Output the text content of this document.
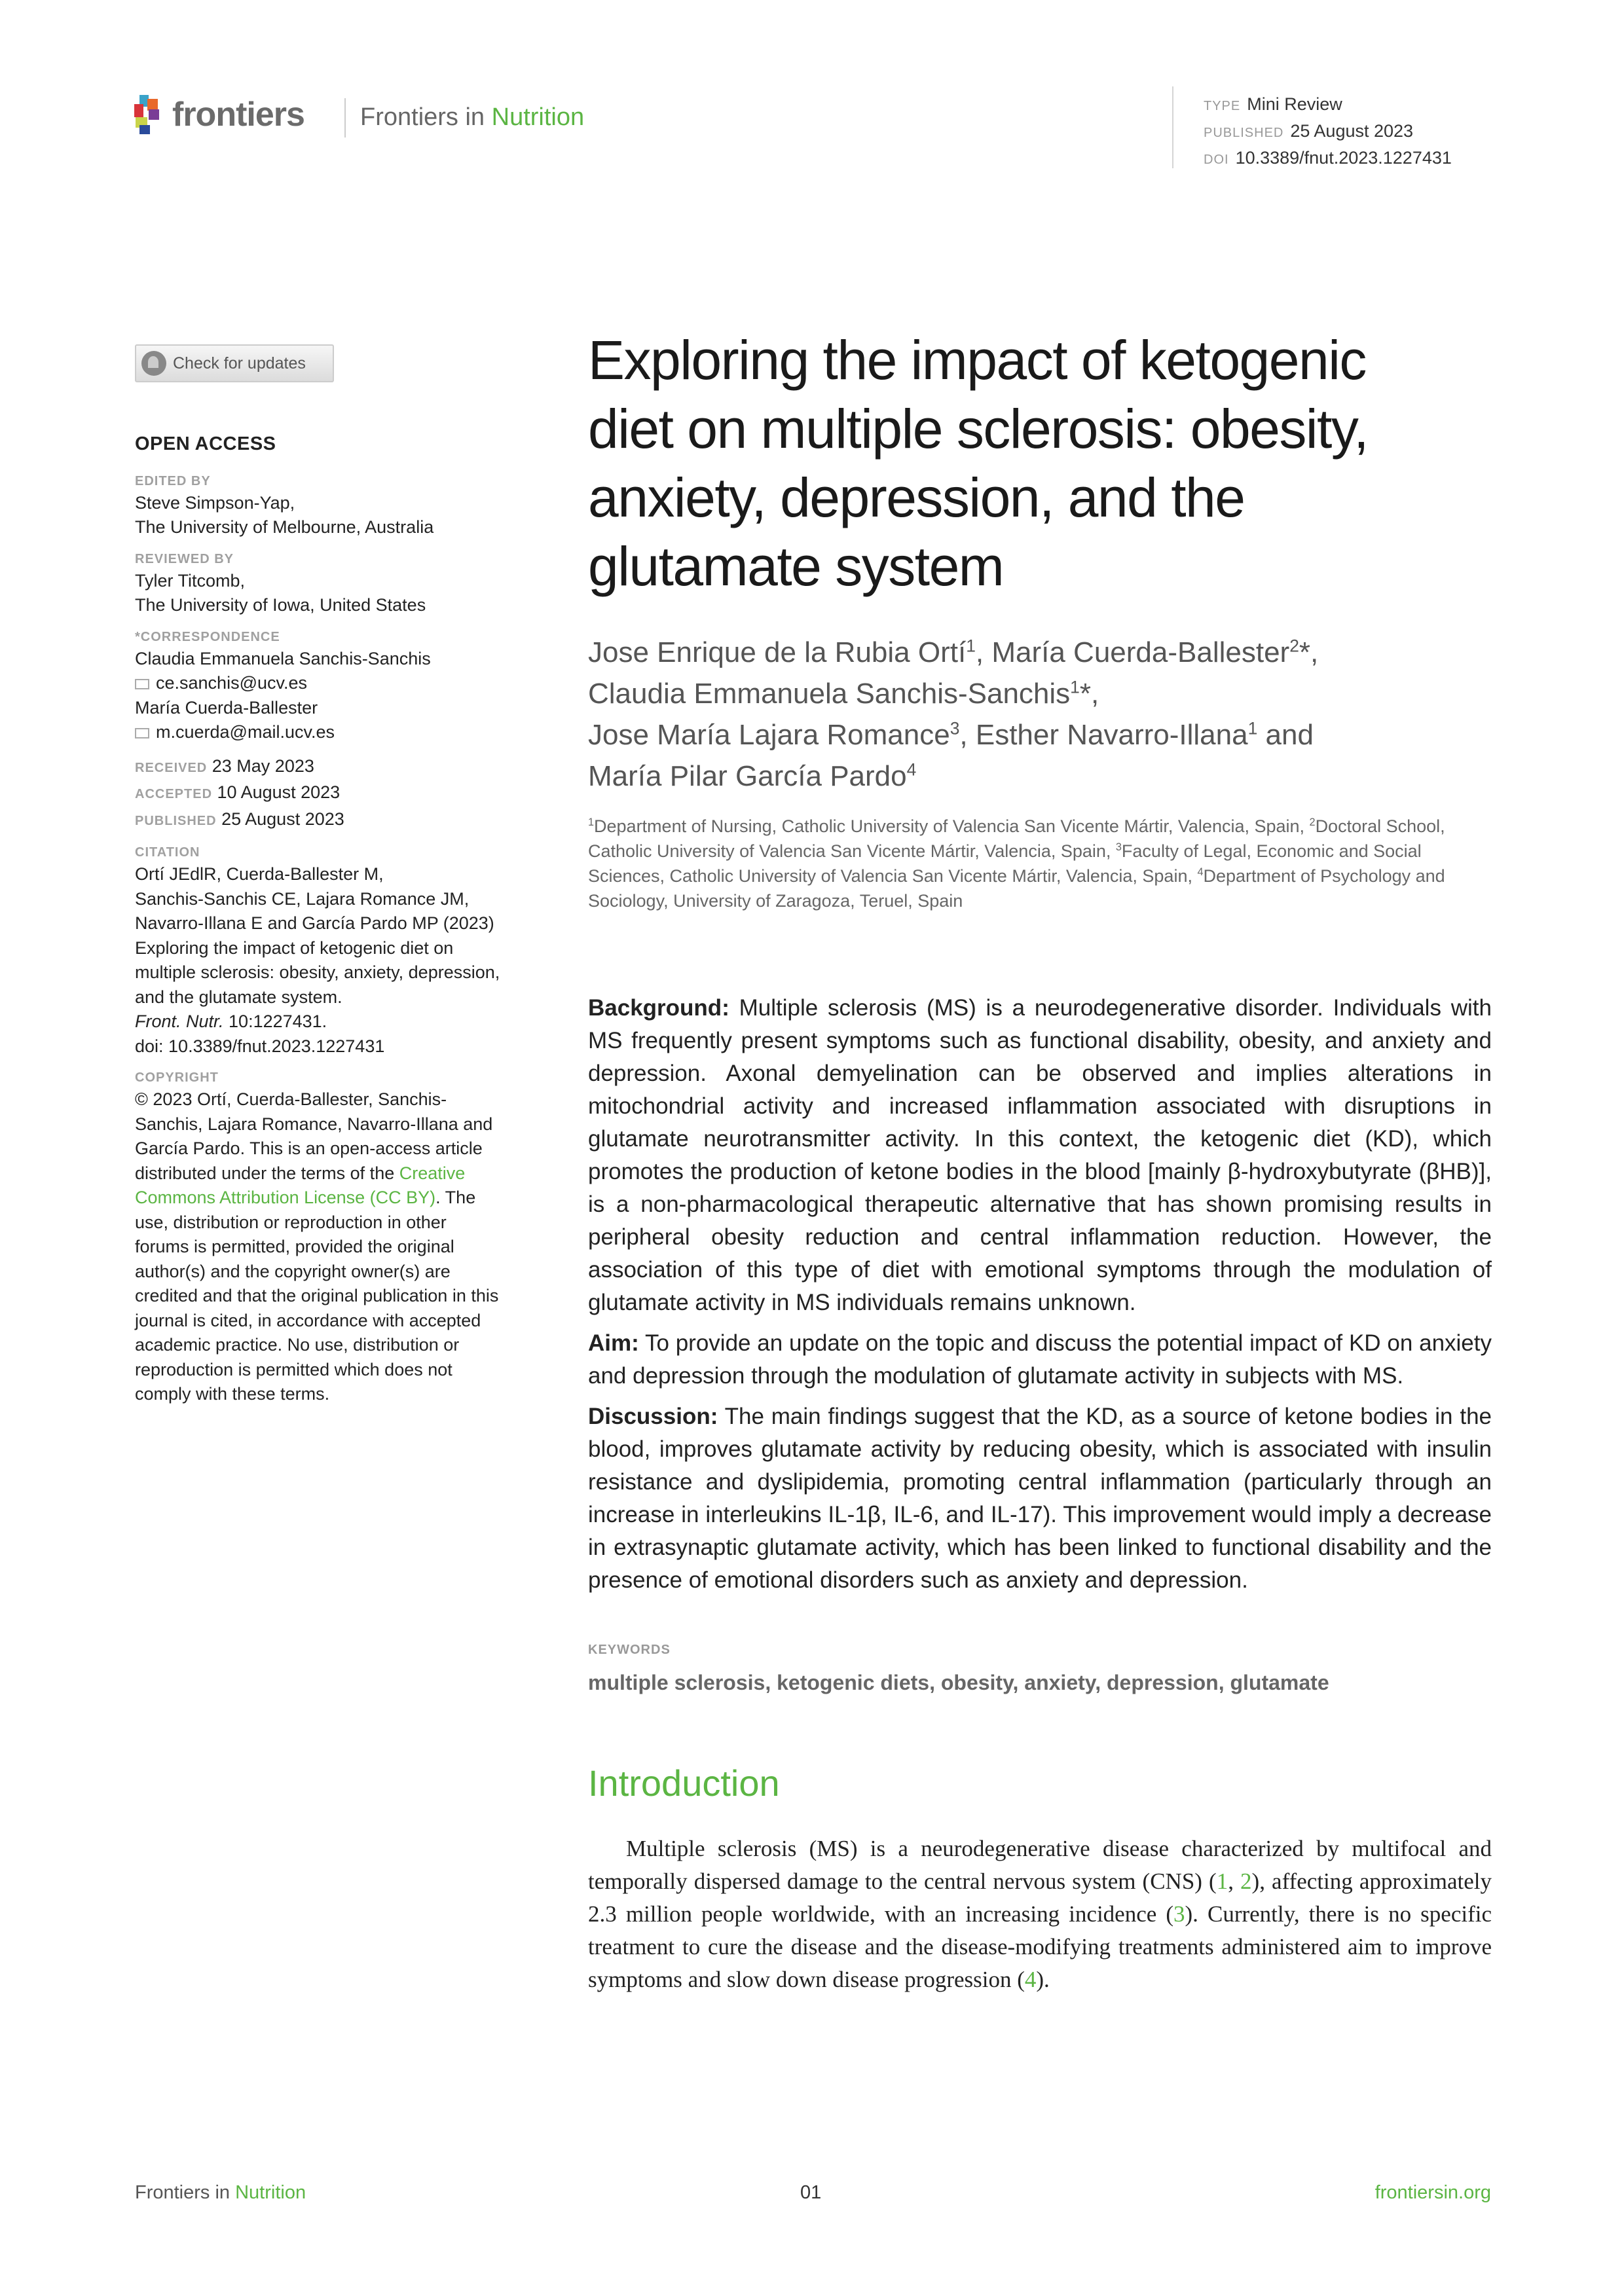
frontiers Frontiers in Nutrition	TYPE Mini Review
PUBLISHED 25 August 2023
DOI 10.3389/fnut.2023.1227431
Check for updates
OPEN ACCESS
EDITED BY
Steve Simpson-Yap,
The University of Melbourne, Australia
REVIEWED BY
Tyler Titcomb,
The University of Iowa, United States
*CORRESPONDENCE
Claudia Emmanuela Sanchis-Sanchis
ce.sanchis@ucv.es
María Cuerda-Ballester
m.cuerda@mail.ucv.es
RECEIVED 23 May 2023
ACCEPTED 10 August 2023
PUBLISHED 25 August 2023
CITATION
Ortí JEdlR, Cuerda-Ballester M,
Sanchis-Sanchis CE, Lajara Romance JM,
Navarro-Illana E and García Pardo MP (2023)
Exploring the impact of ketogenic diet on
multiple sclerosis: obesity, anxiety, depression,
and the glutamate system.
Front. Nutr. 10:1227431.
doi: 10.3389/fnut.2023.1227431
COPYRIGHT
© 2023 Ortí, Cuerda-Ballester, Sanchis-
Sanchis, Lajara Romance, Navarro-Illana and
García Pardo. This is an open-access article
distributed under the terms of the Creative
Commons Attribution License (CC BY). The
use, distribution or reproduction in other
forums is permitted, provided the original
author(s) and the copyright owner(s) are
credited and that the original publication in this
journal is cited, in accordance with accepted
academic practice. No use, distribution or
reproduction is permitted which does not
comply with these terms.
Exploring the impact of ketogenic
diet on multiple sclerosis: obesity,
anxiety, depression, and the
glutamate system
Jose Enrique de la Rubia Ortí$^1$, María Cuerda-Ballester$^2$*,
Claudia Emmanuela Sanchis-Sanchis$^1$*,
Jose María Lajara Romance$^3$, Esther Navarro-Illana$^1$ and
María Pilar García Pardo$^4$
$^1$Department of Nursing, Catholic University of Valencia San Vicente Mártir, Valencia, Spain, $^2$Doctoral School, Catholic University of Valencia San Vicente Mártir, Valencia, Spain, $^3$Faculty of Legal, Economic and Social Sciences, Catholic University of Valencia San Vicente Mártir, Valencia, Spain, $^4$Department of Psychology and Sociology, University of Zaragoza, Teruel, Spain

Background: Multiple sclerosis (MS) is a neurodegenerative disorder. Individuals with MS frequently present symptoms such as functional disability, obesity, and anxiety and depression. Axonal demyelination can be observed and implies alterations in mitochondrial activity and increased inflammation associated with disruptions in glutamate neurotransmitter activity. In this context, the ketogenic diet (KD), which promotes the production of ketone bodies in the blood [mainly β-hydroxybutyrate (βHB)], is a non-pharmacological therapeutic alternative that has shown promising results in peripheral obesity reduction and central inflammation reduction. However, the association of this type of diet with emotional symptoms through the modulation of glutamate activity in MS individuals remains unknown.

Aim: To provide an update on the topic and discuss the potential impact of KD on anxiety and depression through the modulation of glutamate activity in subjects with MS.

Discussion: The main findings suggest that the KD, as a source of ketone bodies in the blood, improves glutamate activity by reducing obesity, which is associated with insulin resistance and dyslipidemia, promoting central inflammation (particularly through an increase in interleukins IL-1β, IL-6, and IL-17). This improvement would imply a decrease in extrasynaptic glutamate activity, which has been linked to functional disability and the presence of emotional disorders such as anxiety and depression.

KEYWORDS
multiple sclerosis, ketogenic diets, obesity, anxiety, depression, glutamate
Introduction
Multiple sclerosis (MS) is a neurodegenerative disease characterized by multifocal and temporally dispersed damage to the central nervous system (CNS) (1, 2), affecting approximately 2.3 million people worldwide, with an increasing incidence (3). Currently, there is no specific treatment to cure the disease and the disease-modifying treatments administered aim to improve symptoms and slow down disease progression (4).
Frontiers in Nutrition	01	frontiersin.org
